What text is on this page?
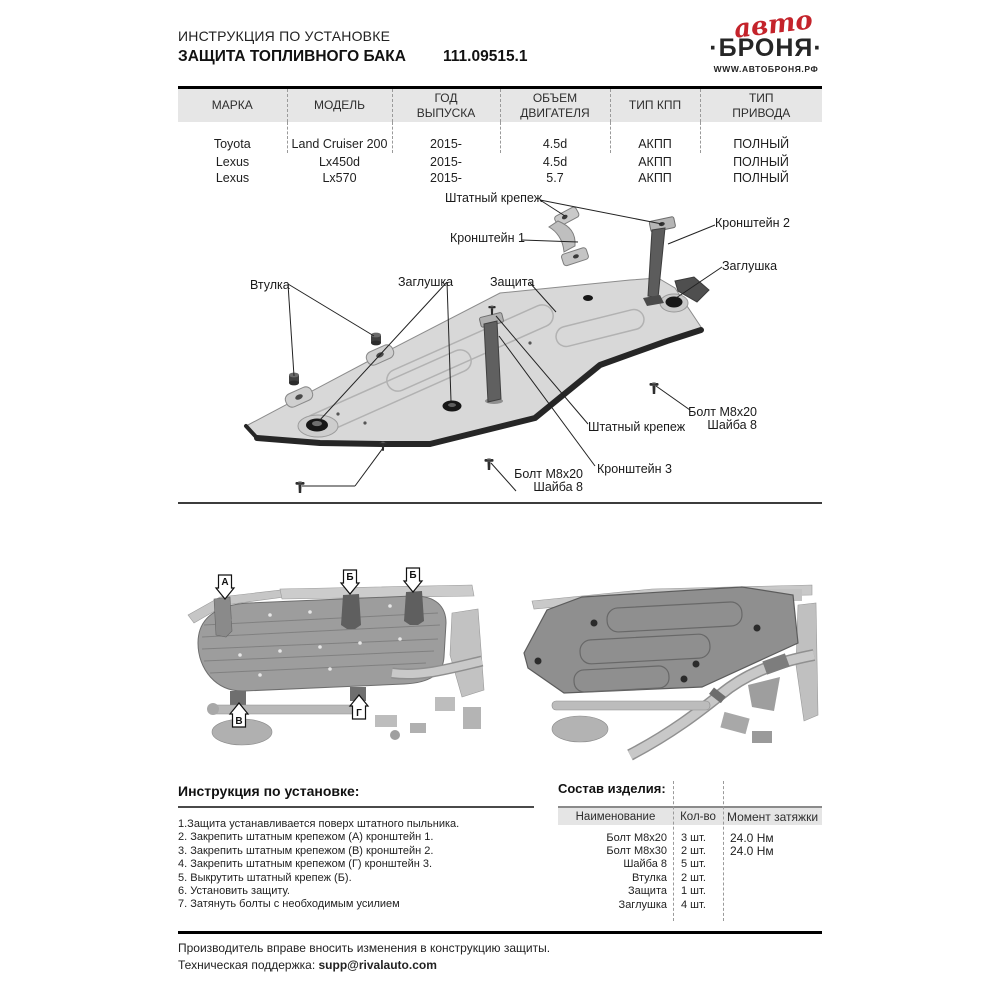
ИНСТРУКЦИЯ ПО УСТАНОВКЕ
ЗАЩИТА ТОПЛИВНОГО БАКА 111.09515.1
авто
·БРОНЯ·
WWW.АВТОБРОНЯ.РФ
МАРКА	МОДЕЛЬ	ГОД ВЫПУСКА	ОБЪЕМ ДВИГАТЕЛЯ	ТИП КПП	ТИП ПРИВОДА
Toyota	Land Cruiser 200	2015-	4.5d	АКПП	ПОЛНЫЙ
Lexus	Lx450d	2015-	4.5d	АКПП	ПОЛНЫЙ
Lexus	Lx570	2015-	5.7	АКПП	ПОЛНЫЙ
Штатный крепеж
Кронштейн 1
Кронштейн 2
Заглушка
Втулка	Заглушка	Защита
Болт М8х20
Шайба 8
Штатный крепеж
Кронштейн 3
Болт М8х20
Шайба 8
А	Б	Б
В
Г
Инструкция по установке:
1.Защита устанавливается поверх штатного пыльника.
2. Закрепить штатным крепежом (А) кронштейн 1.
3. Закрепить штатным крепежом (В) кронштейн 2.
4. Закрепить штатным крепежом (Г) кронштейн 3.
5. Выкрутить штатный крепеж (Б).
6. Установить защиту.
7. Затянуть болты с необходимым усилием
Состав изделия:
Наименование	Кол-во Момент затяжки
Болт М8х20	3 шт.	24.0 Нм
Болт М8х30	2 шт.	24.0 Нм
Шайба 8	5 шт.
Втулка	2 шт.
Защита	1 шт.
Заглушка	4 шт.
Производитель вправе вносить изменения в конструкцию защиты.
Техническая поддержка: supp@rivalauto.com
